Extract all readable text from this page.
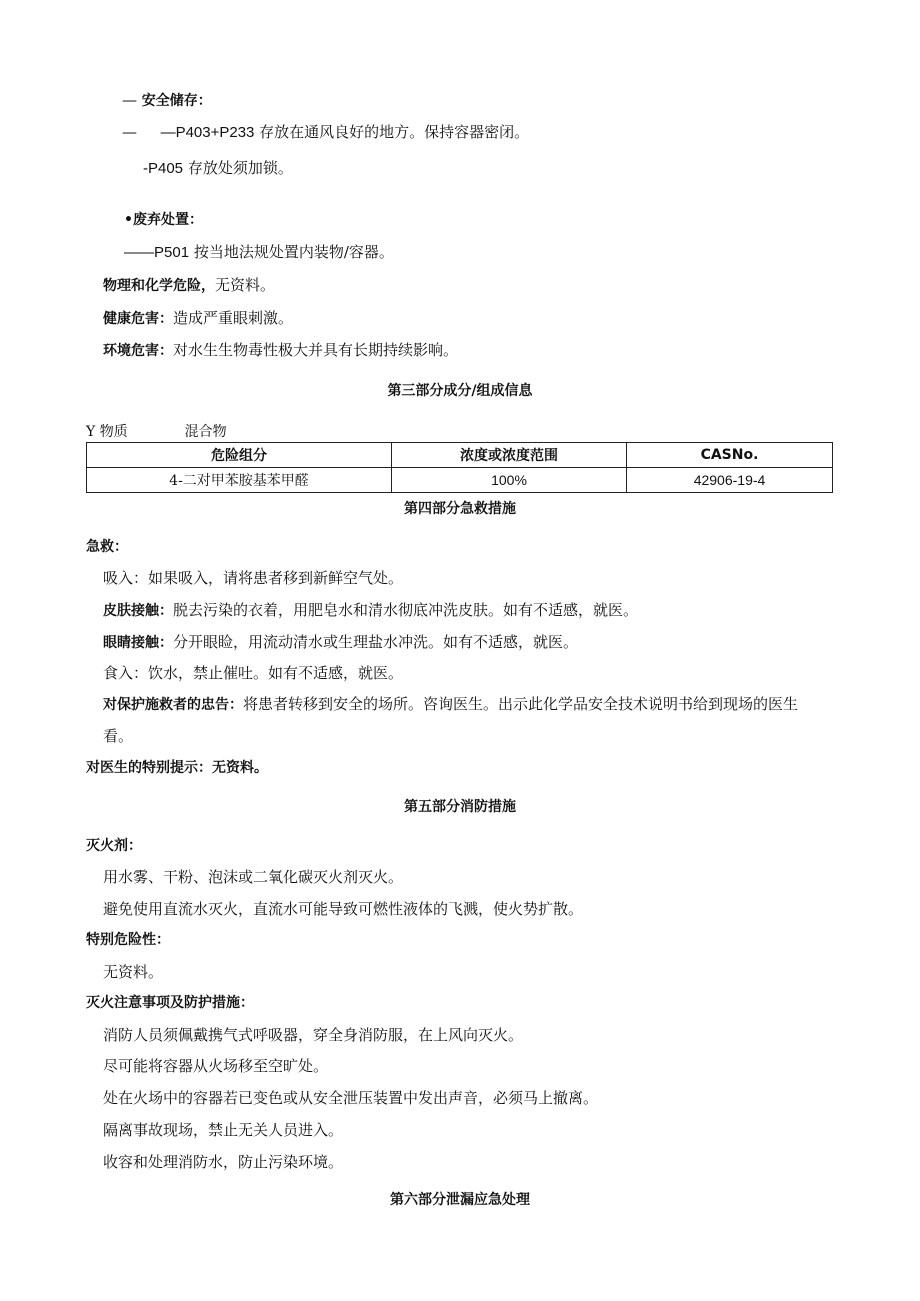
— 安全储存：
— —P403+P233 存放在通风良好的地方。保持容器密闭。
-P405 存放处须加锁。
•废弃处置：
——P501 按当地法规处置内装物/容器。
物理和化学危险，无资料。
健康危害：造成严重眼刺激。
环境危害：对水生生物毒性极大并具有长期持续影响。
第三部分成分/组成信息
Y 物质	混合物
危险组分	浓度或浓度范围	CASNo.
4-二对甲苯胺基苯甲醛	100%	42906-19-4
第四部分急救措施
急救：
吸入：如果吸入，请将患者移到新鲜空气处。
皮肤接触：脱去污染的衣着，用肥皂水和清水彻底冲洗皮肤。如有不适感，就医。
眼睛接触：分开眼睑，用流动清水或生理盐水冲洗。如有不适感，就医。
食入：饮水，禁止催吐。如有不适感，就医。
对保护施救者的忠告：将患者转移到安全的场所。咨询医生。出示此化学品安全技术说明书给到现场的医生
看。
对医生的特别提示：无资料。
第五部分消防措施
灭火剂：
用水雾、干粉、泡沫或二氧化碳灭火剂灭火。
避免使用直流水灭火，直流水可能导致可燃性液体的飞溅，使火势扩散。
特别危险性：
无资料。
灭火注意事项及防护措施：
消防人员须佩戴携气式呼吸器，穿全身消防服，在上风向灭火。
尽可能将容器从火场移至空旷处。
处在火场中的容器若已变色或从安全泄压装置中发出声音，必须马上撤离。
隔离事故现场，禁止无关人员进入。
收容和处理消防水，防止污染环境。
第六部分泄漏应急处理
